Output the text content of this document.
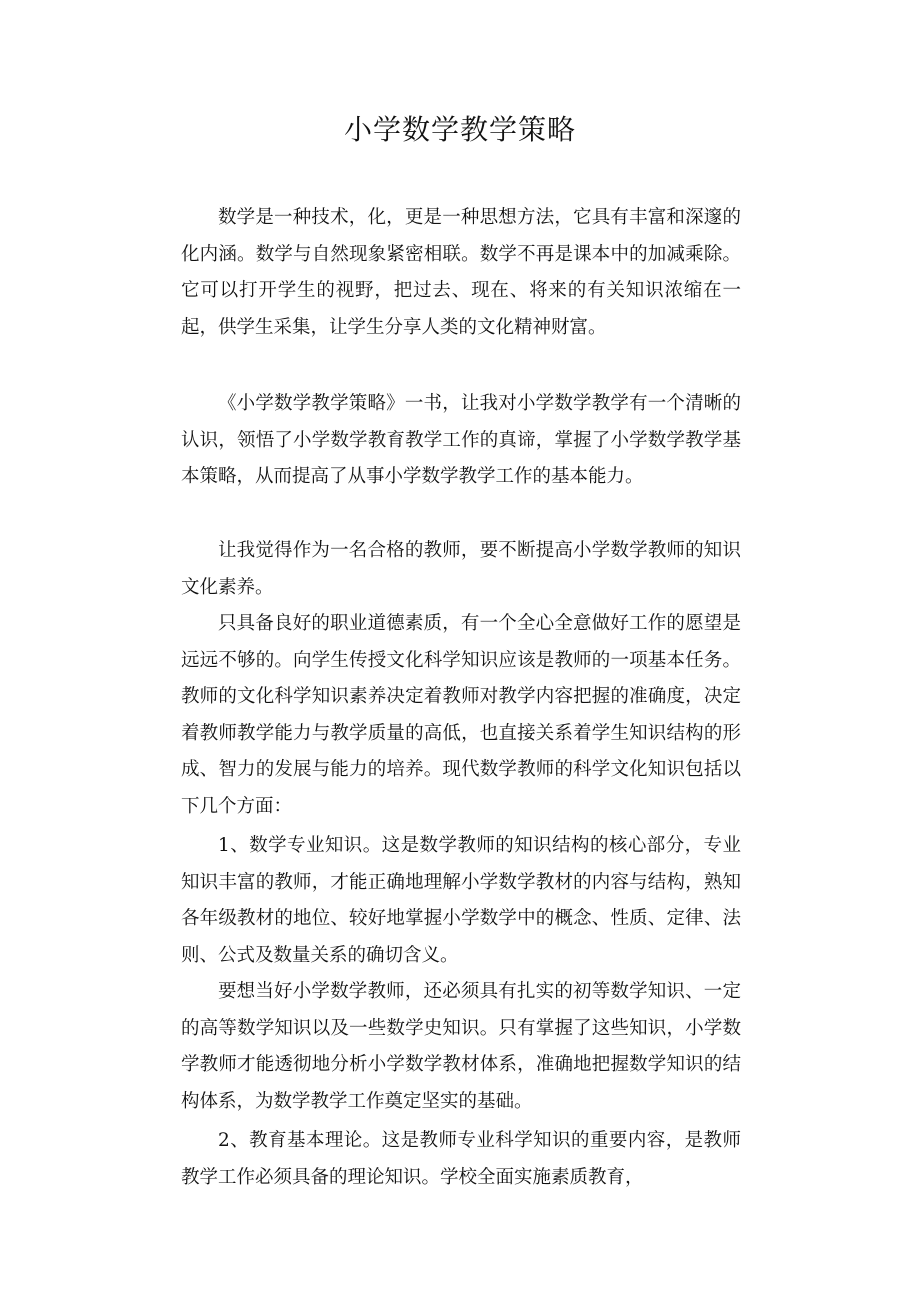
小学数学教学策略

数学是一种技术，化，更是一种思想方法，它具有丰富和深邃的化内涵。数学与自然现象紧密相联。数学不再是课本中的加减乘除。它可以打开学生的视野，把过去、现在、将来的有关知识浓缩在一起，供学生采集，让学生分享人类的文化精神财富。

《小学数学教学策略》一书，让我对小学数学教学有一个清晰的认识，领悟了小学数学教育教学工作的真谛，掌握了小学数学教学基本策略，从而提高了从事小学数学教学工作的基本能力。

让我觉得作为一名合格的教师，要不断提高小学数学教师的知识文化素养。

只具备良好的职业道德素质，有一个全心全意做好工作的愿望是远远不够的。向学生传授文化科学知识应该是教师的一项基本任务。教师的文化科学知识素养决定着教师对教学内容把握的准确度，决定着教师教学能力与教学质量的高低，也直接关系着学生知识结构的形成、智力的发展与能力的培养。现代数学教师的科学文化知识包括以下几个方面：

1、数学专业知识。这是数学教师的知识结构的核心部分，专业知识丰富的教师，才能正确地理解小学数学教材的内容与结构，熟知各年级教材的地位、较好地掌握小学数学中的概念、性质、定律、法则、公式及数量关系的确切含义。

要想当好小学数学教师，还必须具有扎实的初等数学知识、一定的高等数学知识以及一些数学史知识。只有掌握了这些知识，小学数学教师才能透彻地分析小学数学教材体系，准确地把握数学知识的结构体系，为数学教学工作奠定坚实的基础。

2、教育基本理论。这是教师专业科学知识的重要内容，是教师教学工作必须具备的理论知识。学校全面实施素质教育，
